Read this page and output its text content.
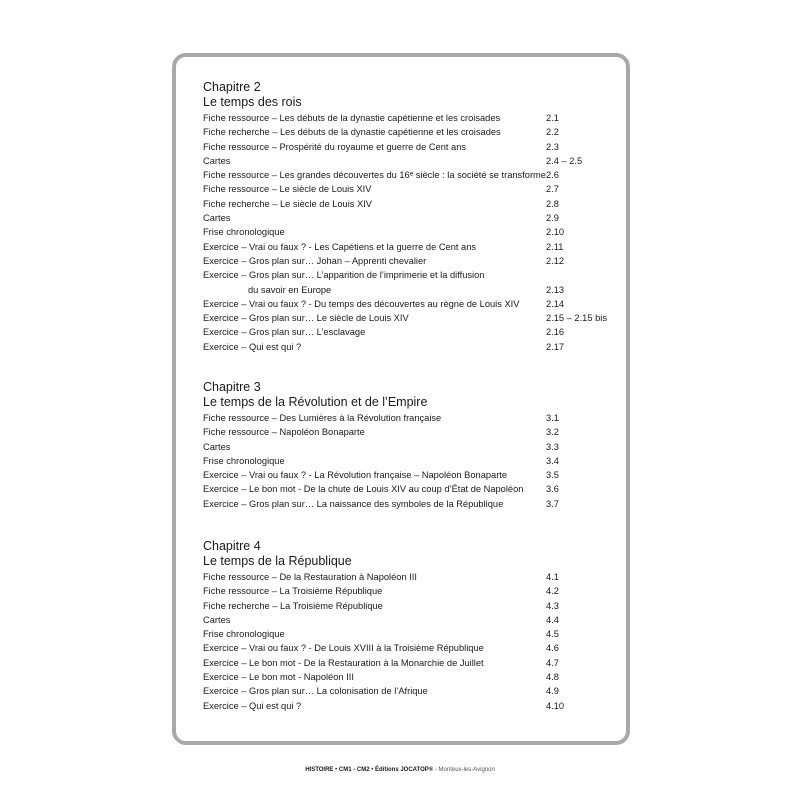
Chapitre 2
Le temps des rois
Fiche ressource – Les débuts de la dynastie capétienne et les croisades	2.1
Fiche recherche – Les débuts de la dynastie capétienne et les croisades	2.2
Fiche ressource – Prospérité du royaume et guerre de Cent ans	2.3
Cartes	2.4 – 2.5
Fiche ressource – Les grandes découvertes du 16ᵉ siècle : la société se transforme 2.6
Fiche ressource – Le siècle de Louis XIV	2.7
Fiche recherche – Le siècle de Louis XIV	2.8
Cartes	2.9
Frise chronologique	2.10
Exercice – Vrai ou faux ? - Les Capétiens et la guerre de Cent ans	2.11
Exercice – Gros plan sur… Johan – Apprenti chevalier	2.12
Exercice – Gros plan sur… L’apparition de l’imprimerie et la diffusion
du savoir en Europe	2.13
Exercice – Vrai ou faux ? - Du temps des découvertes au règne de Louis XIV	2.14
Exercice – Gros plan sur… Le siècle de Louis XIV	2.15 – 2.15 bis
Exercice – Gros plan sur… L’esclavage	2.16
Exercice – Qui est qui ?	2.17
Chapitre 3
Le temps de la Révolution et de l’Empire
Fiche ressource – Des Lumières à la Révolution française	3.1
Fiche ressource – Napoléon Bonaparte	3.2
Cartes	3.3
Frise chronologique	3.4
Exercice – Vrai ou faux ? - La Révolution française – Napoléon Bonaparte	3.5
Exercice – Le bon mot - De la chute de Louis XIV au coup d’État de Napoléon 3.6
Exercice – Gros plan sur… La naissance des symboles de la République	3.7
Chapitre 4
Le temps de la République
Fiche ressource – De la Restauration à Napoléon III	4.1
Fiche ressource – La Troisième République	4.2
Fiche recherche – La Troisième République	4.3
Cartes	4.4
Frise chronologique	4.5
Exercice – Vrai ou faux ? - De Louis XVIII à la Troisième République	4.6
Exercice – Le bon mot - De la Restauration à la Monarchie de Juillet	4.7
Exercice – Le bon mot - Napoléon III	4.8
Exercice – Gros plan sur… La colonisation de l’Afrique	4.9
Exercice – Qui est qui ?	4.10
HISTOIRE • CM1 - CM2 • Éditions JOCATOP® - Monteux-les-Avignon
